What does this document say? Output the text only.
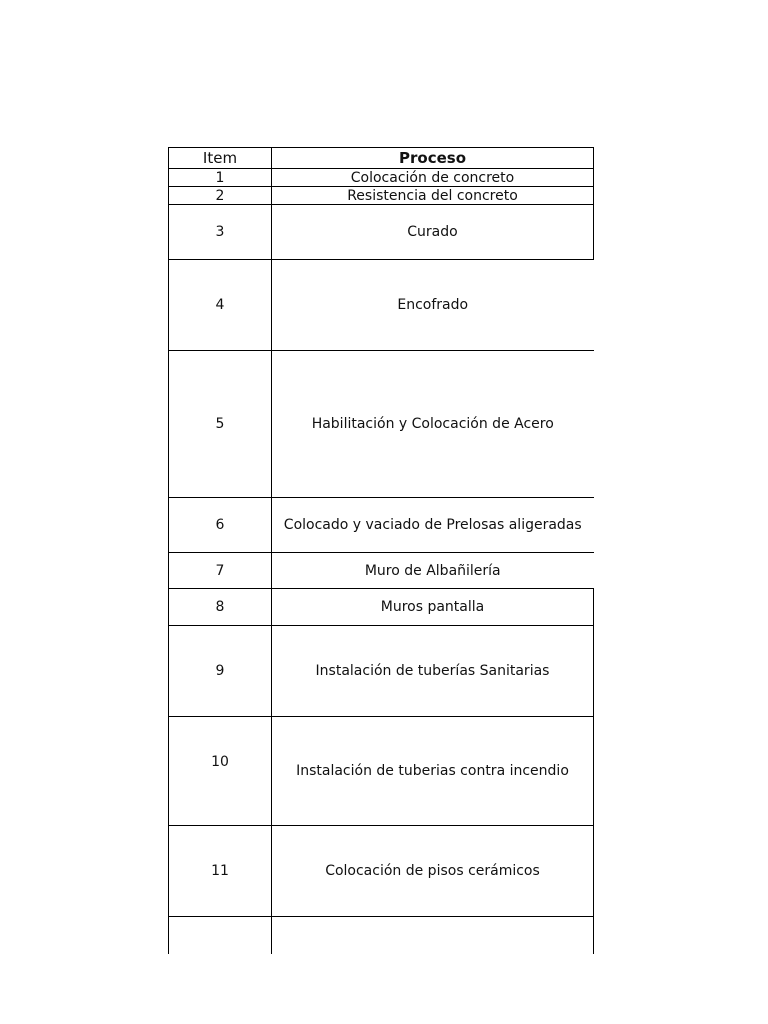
Item	Proceso
1	Colocación de concreto
2	Resistencia del concreto
3	Curado
4	Encofrado
5	Habilitación y Colocación de Acero
6	Colocado y vaciado de Prelosas aligeradas
7	Muro de Albañilería
8	Muros pantalla
9	Instalación de tuberías Sanitarias
10	Instalación de tuberias contra incendio
11	Colocación de pisos cerámicos
